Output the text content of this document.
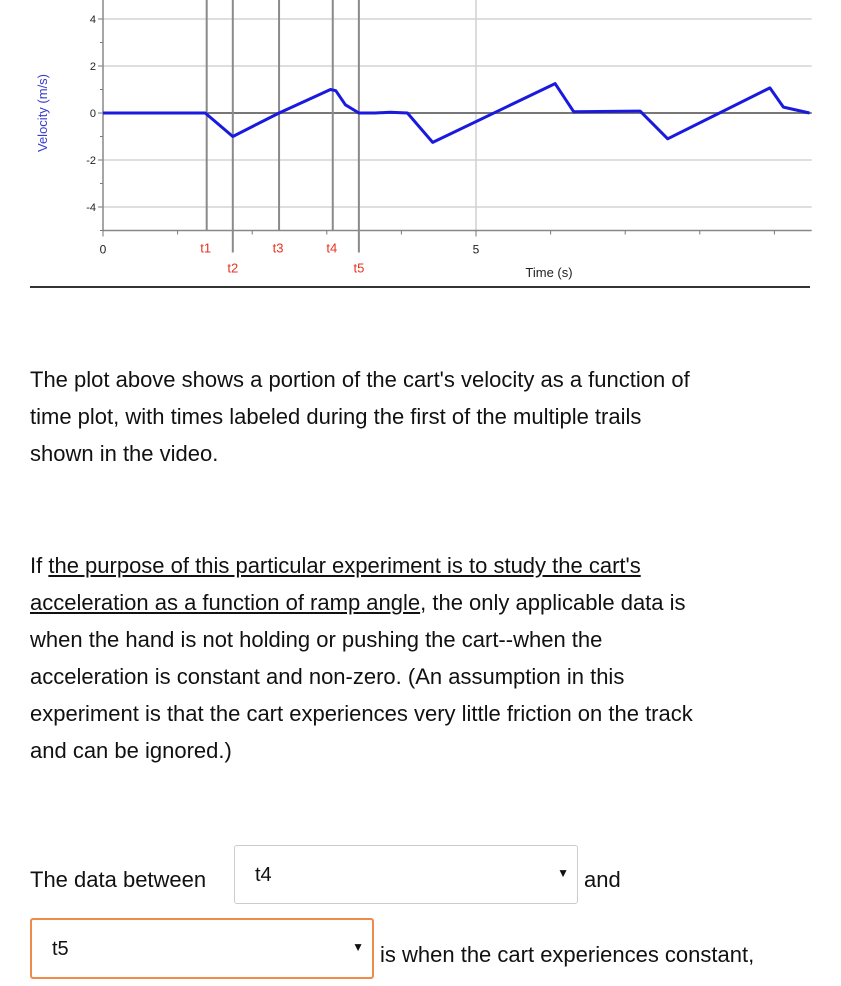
-4
-2
0
2
4
0	5
t1
t2
t3	t4
t5
Velocity (m/s)
Time (s)
The plot above shows a portion of the cart's velocity as a function of
time plot, with times labeled during the first of the multiple trails
shown in the video.
If the purpose of this particular experiment is to study the cart's
acceleration as a function of ramp angle, the only applicable data is
when the hand is not holding or pushing the cart--when the
acceleration is constant and non-zero. (An assumption in this
experiment is that the cart experiences very little friction on the track
and can be ignored.)
The data between t4	▼ and
t5	▼ is when the cart experiences constant,
